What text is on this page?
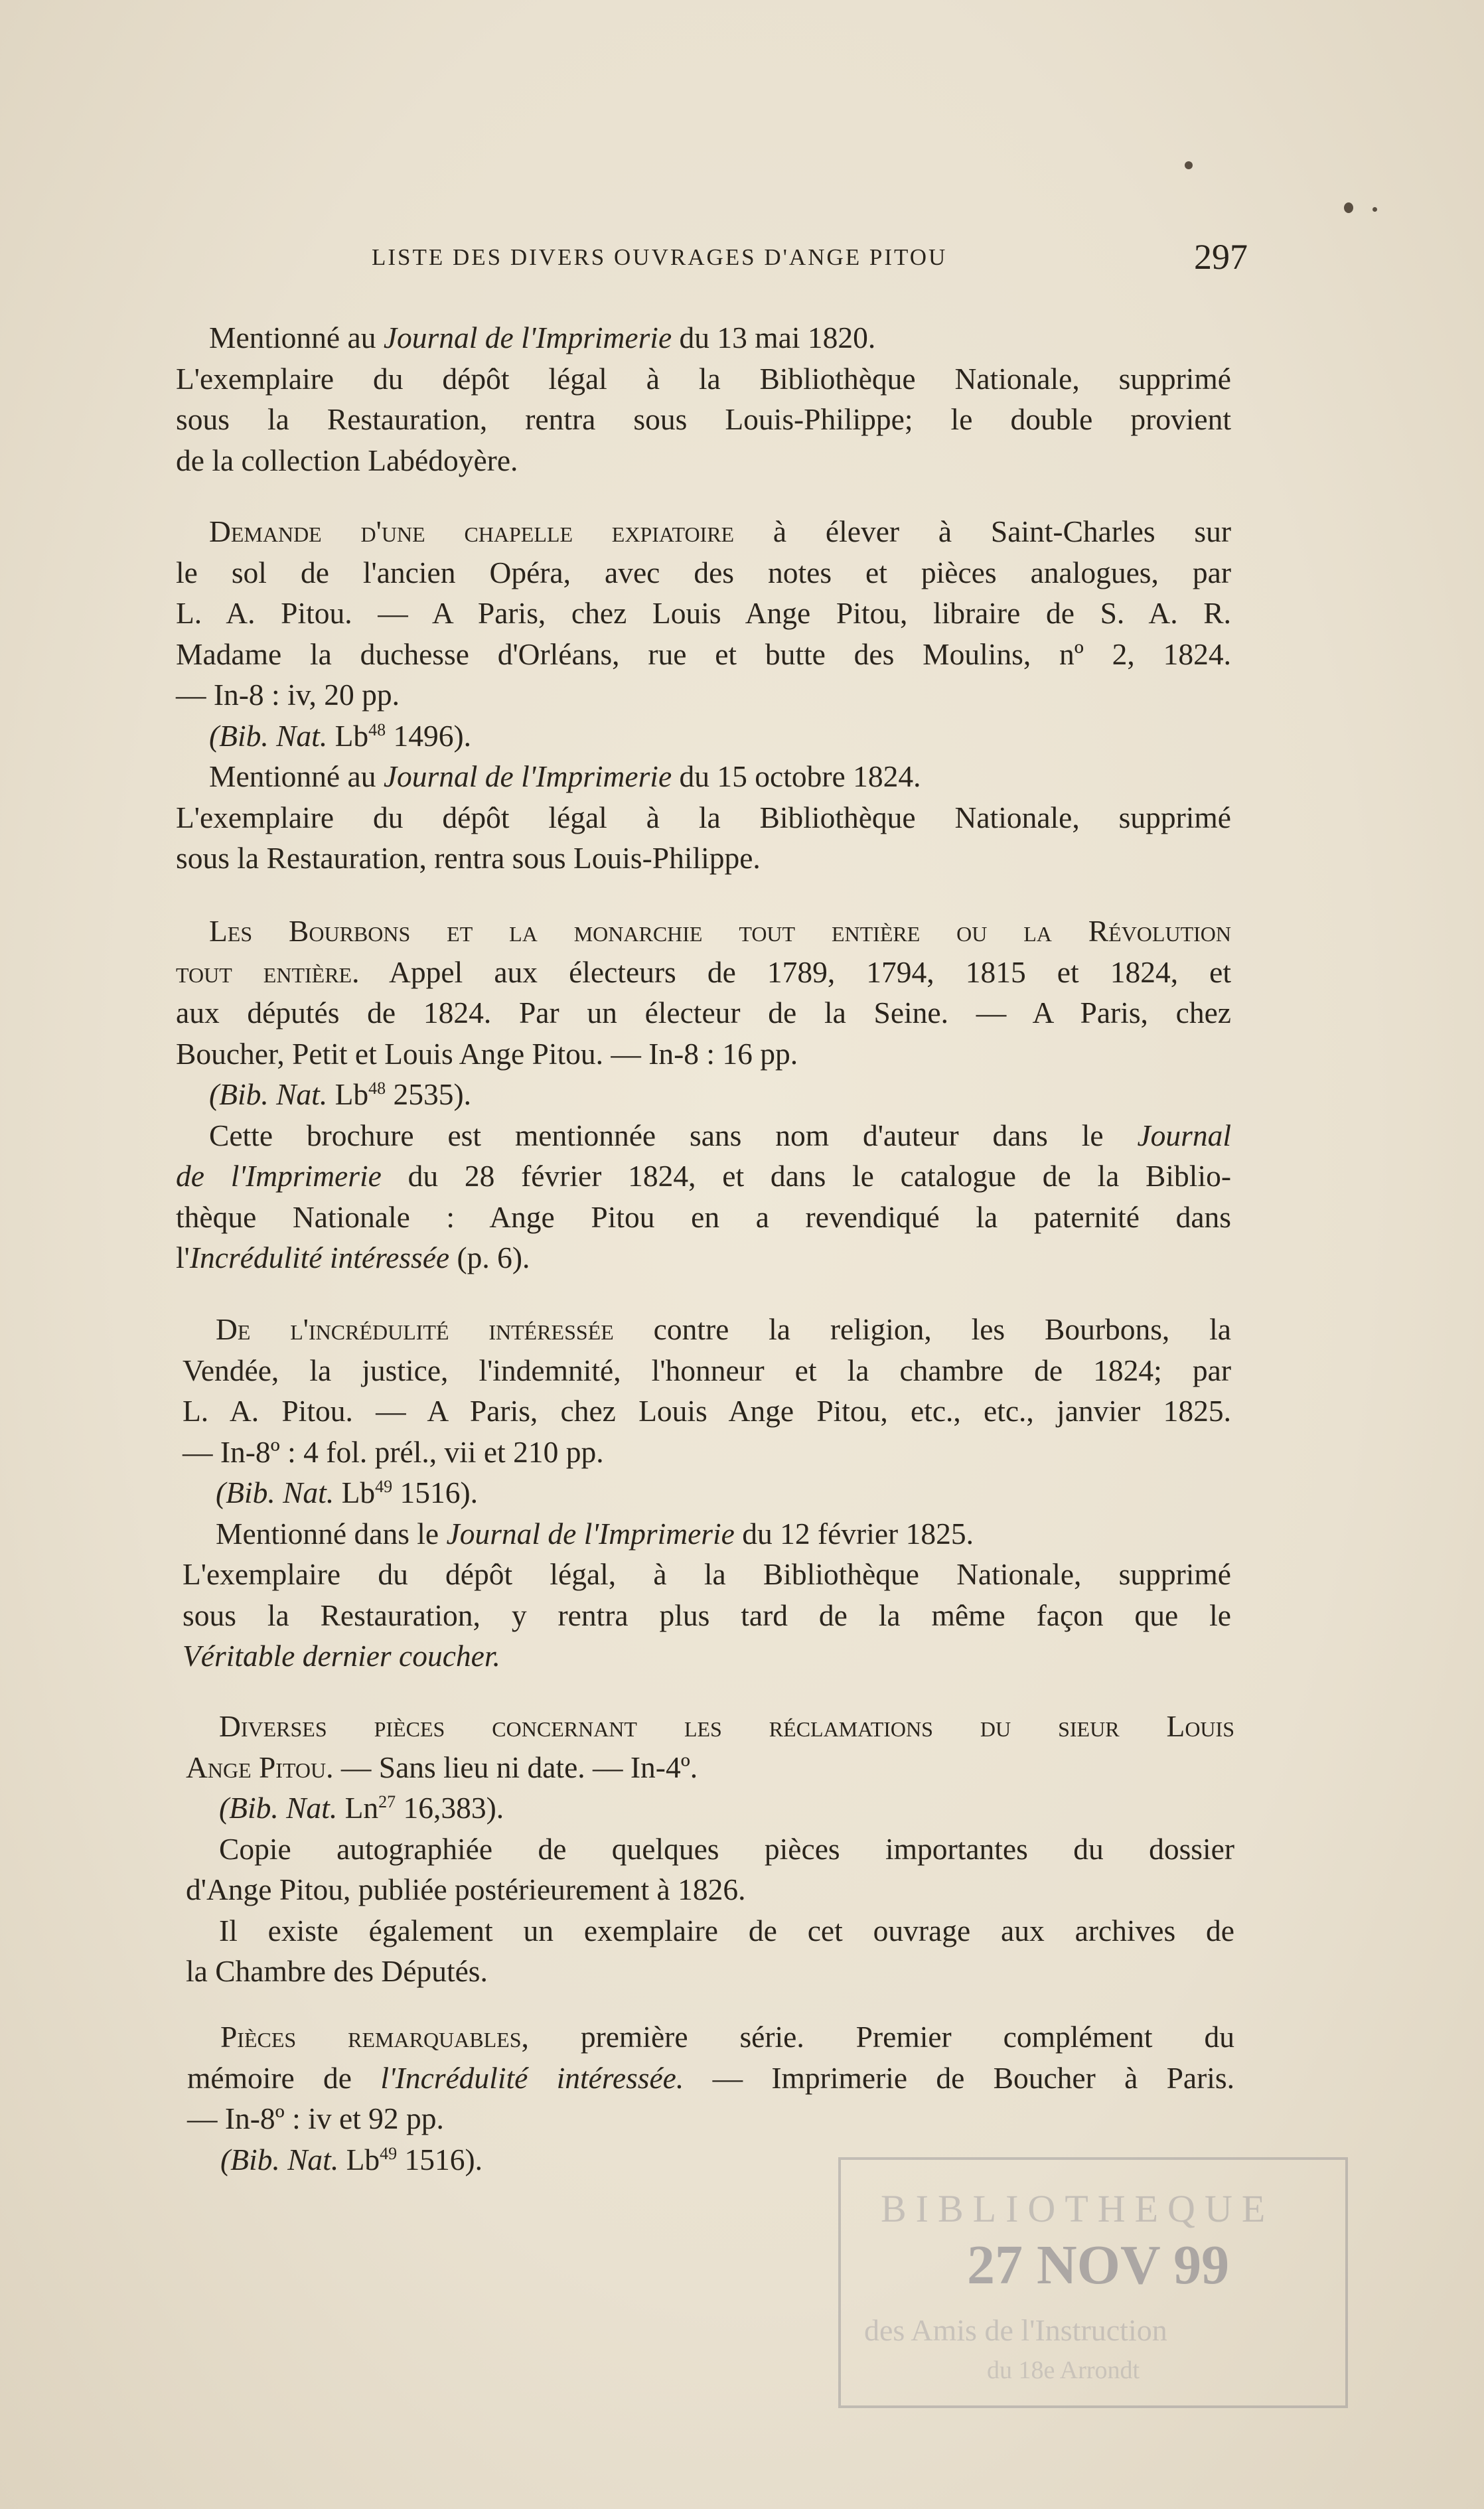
LISTE DES DIVERS OUVRAGES D'ANGE PITOU	297
Mentionné au Journal de l'Imprimerie du 13 mai 1820.
L'exemplaire du dépôt légal à la Bibliothèque Nationale, supprimé
sous la Restauration, rentra sous Louis-Philippe; le double provient
de la collection Labédoyère.
Demande d'une chapelle expiatoire à élever à Saint-Charles sur
le sol de l'ancien Opéra, avec des notes et pièces analogues, par
L. A. Pitou. — A Paris, chez Louis Ange Pitou, libraire de S. A. R.
Madame la duchesse d'Orléans, rue et butte des Moulins, nº 2, 1824.
— In-8 : iv, 20 pp.
(Bib. Nat. Lb$^{48}$ 1496).
Mentionné au Journal de l'Imprimerie du 15 octobre 1824.
L'exemplaire du dépôt légal à la Bibliothèque Nationale, supprimé
sous la Restauration, rentra sous Louis-Philippe.
Les Bourbons et la monarchie tout entière ou la Révolution
tout entière. Appel aux électeurs de 1789, 1794, 1815 et 1824, et
aux députés de 1824. Par un électeur de la Seine. — A Paris, chez
Boucher, Petit et Louis Ange Pitou. — In-8 : 16 pp.
(Bib. Nat. Lb$^{48}$ 2535).
Cette brochure est mentionnée sans nom d'auteur dans le Journal
de l'Imprimerie du 28 février 1824, et dans le catalogue de la Biblio-
thèque Nationale : Ange Pitou en a revendiqué la paternité dans
l'Incrédulité intéressée (p. 6).
De l'incrédulité intéressée contre la religion, les Bourbons, la
Vendée, la justice, l'indemnité, l'honneur et la chambre de 1824; par
L. A. Pitou. — A Paris, chez Louis Ange Pitou, etc., etc., janvier 1825.
— In-8º : 4 fol. prél., vii et 210 pp.
(Bib. Nat. Lb$^{49}$ 1516).
Mentionné dans le Journal de l'Imprimerie du 12 février 1825.
L'exemplaire du dépôt légal, à la Bibliothèque Nationale, supprimé
sous la Restauration, y rentra plus tard de la même façon que le
Véritable dernier coucher.
Diverses pièces concernant les réclamations du sieur Louis
Ange Pitou. — Sans lieu ni date. — In-4º.
(Bib. Nat. Ln$^{27}$ 16,383).
Copie autographiée de quelques pièces importantes du dossier
d'Ange Pitou, publiée postérieurement à 1826.
Il existe également un exemplaire de cet ouvrage aux archives de
la Chambre des Députés.
Pièces remarquables, première série. Premier complément du
mémoire de l'Incrédulité intéressée. — Imprimerie de Boucher à Paris.
— In-8º : iv et 92 pp.
(Bib. Nat. Lb$^{49}$ 1516).
BIBLIOTHEQUE
27 NOV 99
des Amis de l'Instruction
du 18e Arrondt
